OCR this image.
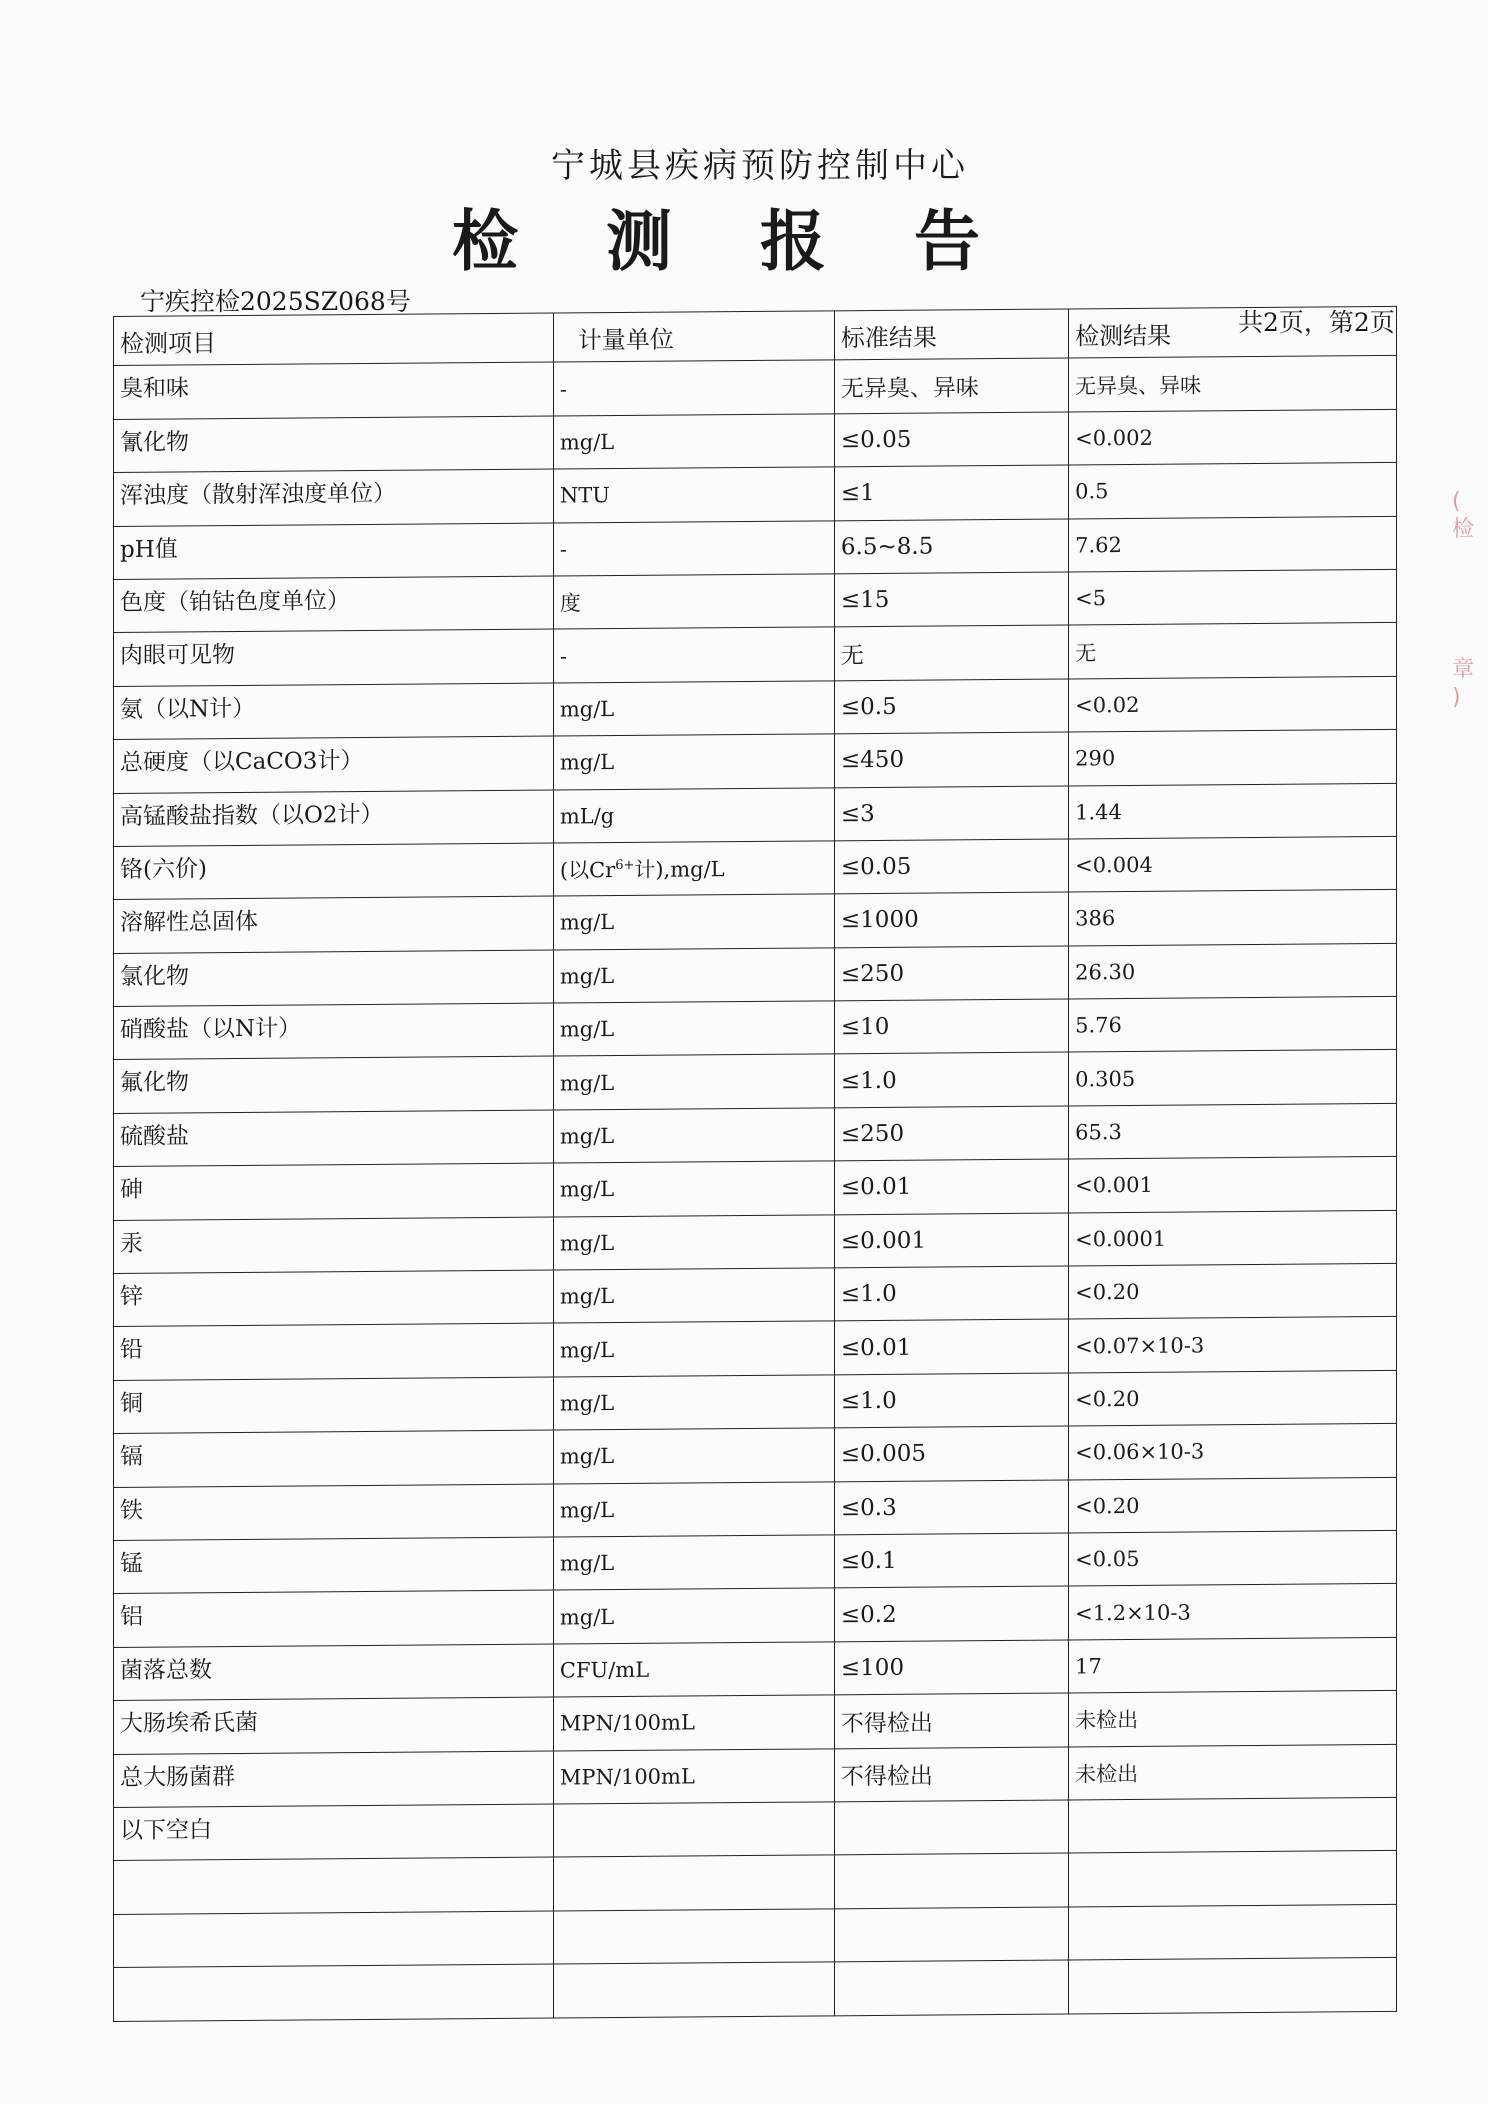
宁城县疾病预防控制中心
检测报告
宁疾控检2025SZ068号
共2页，第2页
检测项目	计量单位	标准结果	检测结果
臭和味	-	无异臭、异味	无异臭、异味
氰化物	mg/L	≤0.05	<0.002
浑浊度（散射浑浊度单位）	NTU	≤1	0.5
pH值	-	6.5~8.5	7.62
色度（铂钴色度单位）	度	≤15	<5
肉眼可见物	-	无	无
氨（以N计）	mg/L	≤0.5	<0.02
总硬度（以CaCO3计）	mg/L	≤450	290
高锰酸盐指数（以O2计）	mL/g	≤3	1.44
铬(六价)	(以$Cr^{6+}$计),mg/L	≤0.05	<0.004
溶解性总固体	mg/L	≤1000	386
氯化物	mg/L	≤250	26.30
硝酸盐（以N计）	mg/L	≤10	5.76
氟化物	mg/L	≤1.0	0.305
硫酸盐	mg/L	≤250	65.3
砷	mg/L	≤0.01	<0.001
汞	mg/L	≤0.001	<0.0001
锌	mg/L	≤1.0	<0.20
铅	mg/L	≤0.01	<0.07×10-3
铜	mg/L	≤1.0	<0.20
镉	mg/L	≤0.005	<0.06×10-3
铁	mg/L	≤0.3	<0.20
锰	mg/L	≤0.1	<0.05
铝	mg/L	≤0.2	<1.2×10-3
菌落总数	CFU/mL	≤100	17
大肠埃希氏菌	MPN/100mL	不得检出	未检出
总大肠菌群	MPN/100mL	不得检出	未检出
以下空白			

(
检

章
)
